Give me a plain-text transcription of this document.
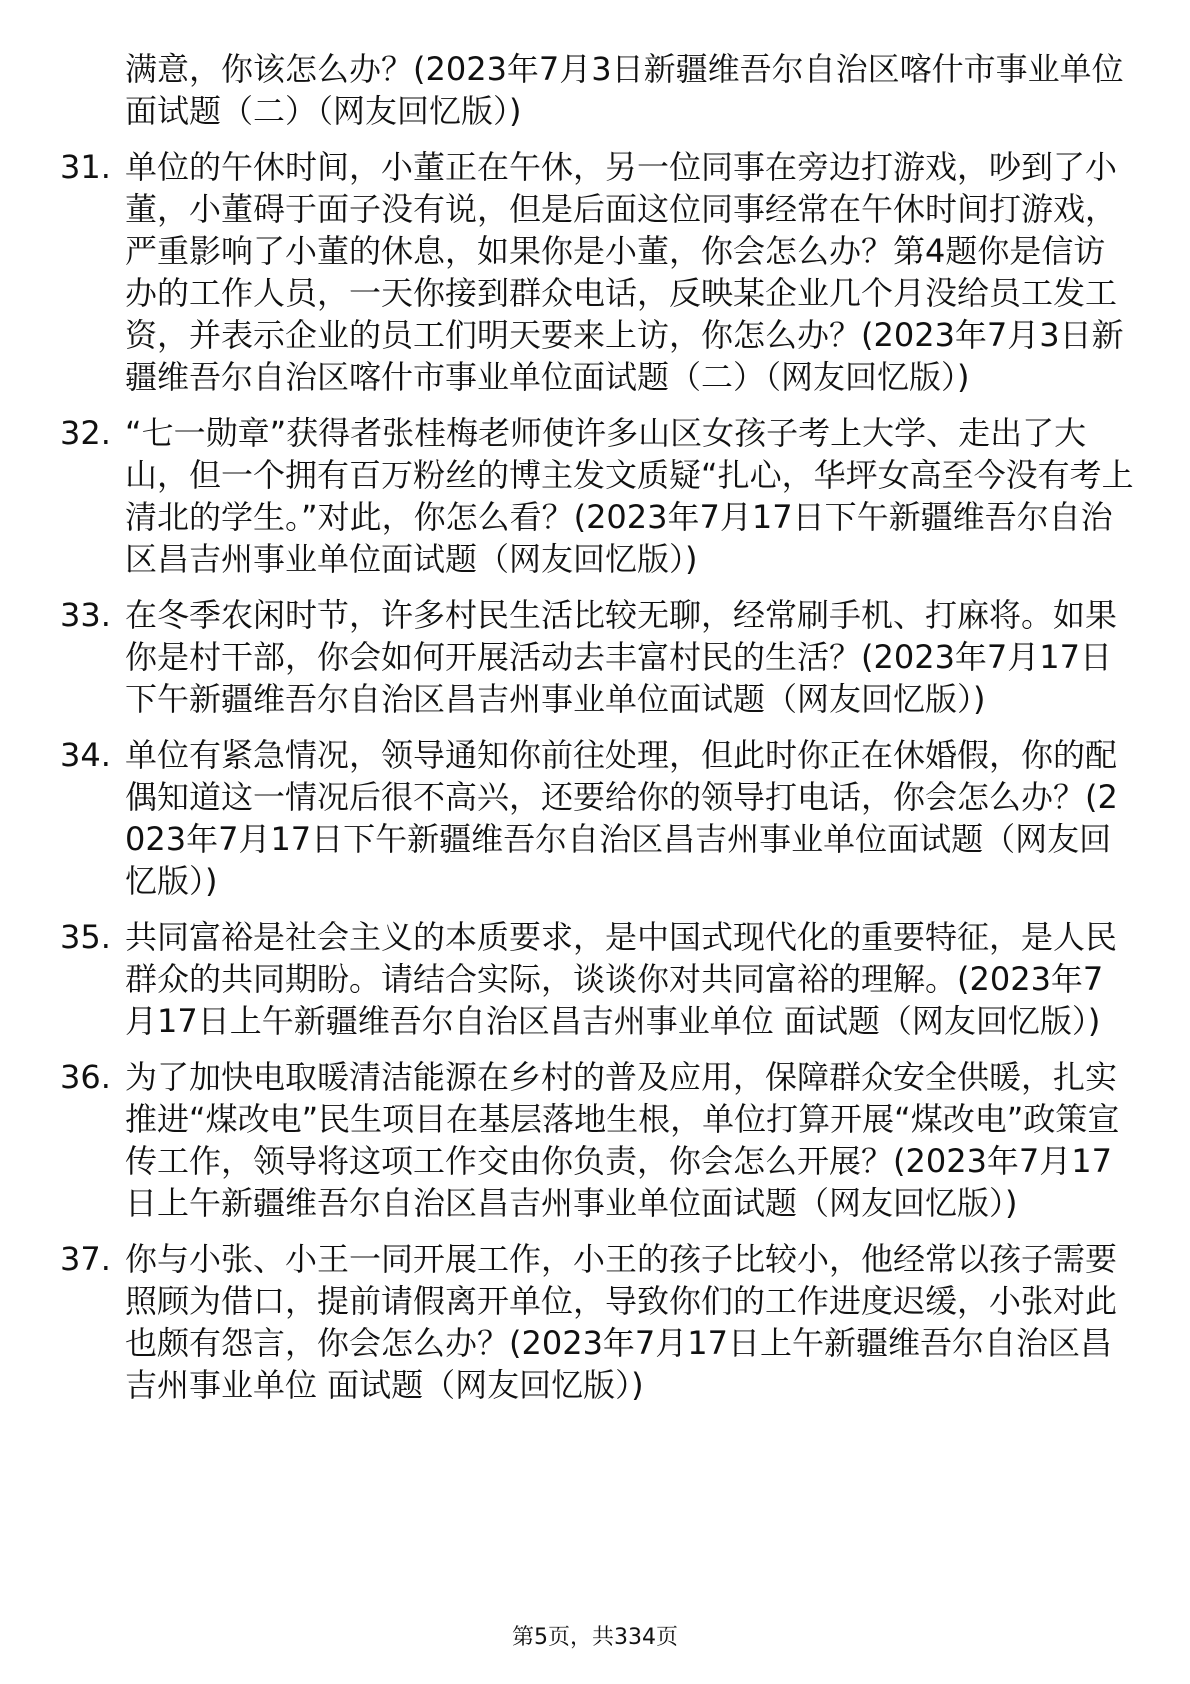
满意，你该怎么办？(2023年7月3日新疆维吾尔自治区喀什市事业单位面试题（二）（网友回忆版）)
31. 单位的午休时间，小董正在午休，另一位同事在旁边打游戏，吵到了小董，小董碍于面子没有说，但是后面这位同事经常在午休时间打游戏，严重影响了小董的休息，如果你是小董，你会怎么办？第4题你是信访办的工作人员，一天你接到群众电话，反映某企业几个月没给员工发工资，并表示企业的员工们明天要来上访，你怎么办？(2023年7月3日新疆维吾尔自治区喀什市事业单位面试题（二）（网友回忆版）)
32. “七一勋章”获得者张桂梅老师使许多山区女孩子考上大学、走出了大山，但一个拥有百万粉丝的博主发文质疑“扎心，华坪女高至今没有考上清北的学生。”对此，你怎么看？(2023年7月17日下午新疆维吾尔自治区昌吉州事业单位面试题（网友回忆版）)
33. 在冬季农闲时节，许多村民生活比较无聊，经常刷手机、打麻将。如果你是村干部，你会如何开展活动去丰富村民的生活？(2023年7月17日下午新疆维吾尔自治区昌吉州事业单位面试题（网友回忆版）)
34. 单位有紧急情况，领导通知你前往处理，但此时你正在休婚假，你的配偶知道这一情况后很不高兴，还要给你的领导打电话，你会怎么办？(2023年7月17日下午新疆维吾尔自治区昌吉州事业单位面试题（网友回忆版）)
35. 共同富裕是社会主义的本质要求，是中国式现代化的重要特征，是人民群众的共同期盼。请结合实际，谈谈你对共同富裕的理解。(2023年7月17日上午新疆维吾尔自治区昌吉州事业单位 面试题（网友回忆版）)
36. 为了加快电取暖清洁能源在乡村的普及应用，保障群众安全供暖，扎实推进“煤改电”民生项目在基层落地生根，单位打算开展“煤改电”政策宣传工作，领导将这项工作交由你负责，你会怎么开展？(2023年7月17日上午新疆维吾尔自治区昌吉州事业单位面试题（网友回忆版）)
37. 你与小张、小王一同开展工作，小王的孩子比较小，他经常以孩子需要照顾为借口，提前请假离开单位，导致你们的工作进度迟缓，小张对此也颇有怨言，你会怎么办？(2023年7月17日上午新疆维吾尔自治区昌吉州事业单位 面试题（网友回忆版）)
第5页，共334页
